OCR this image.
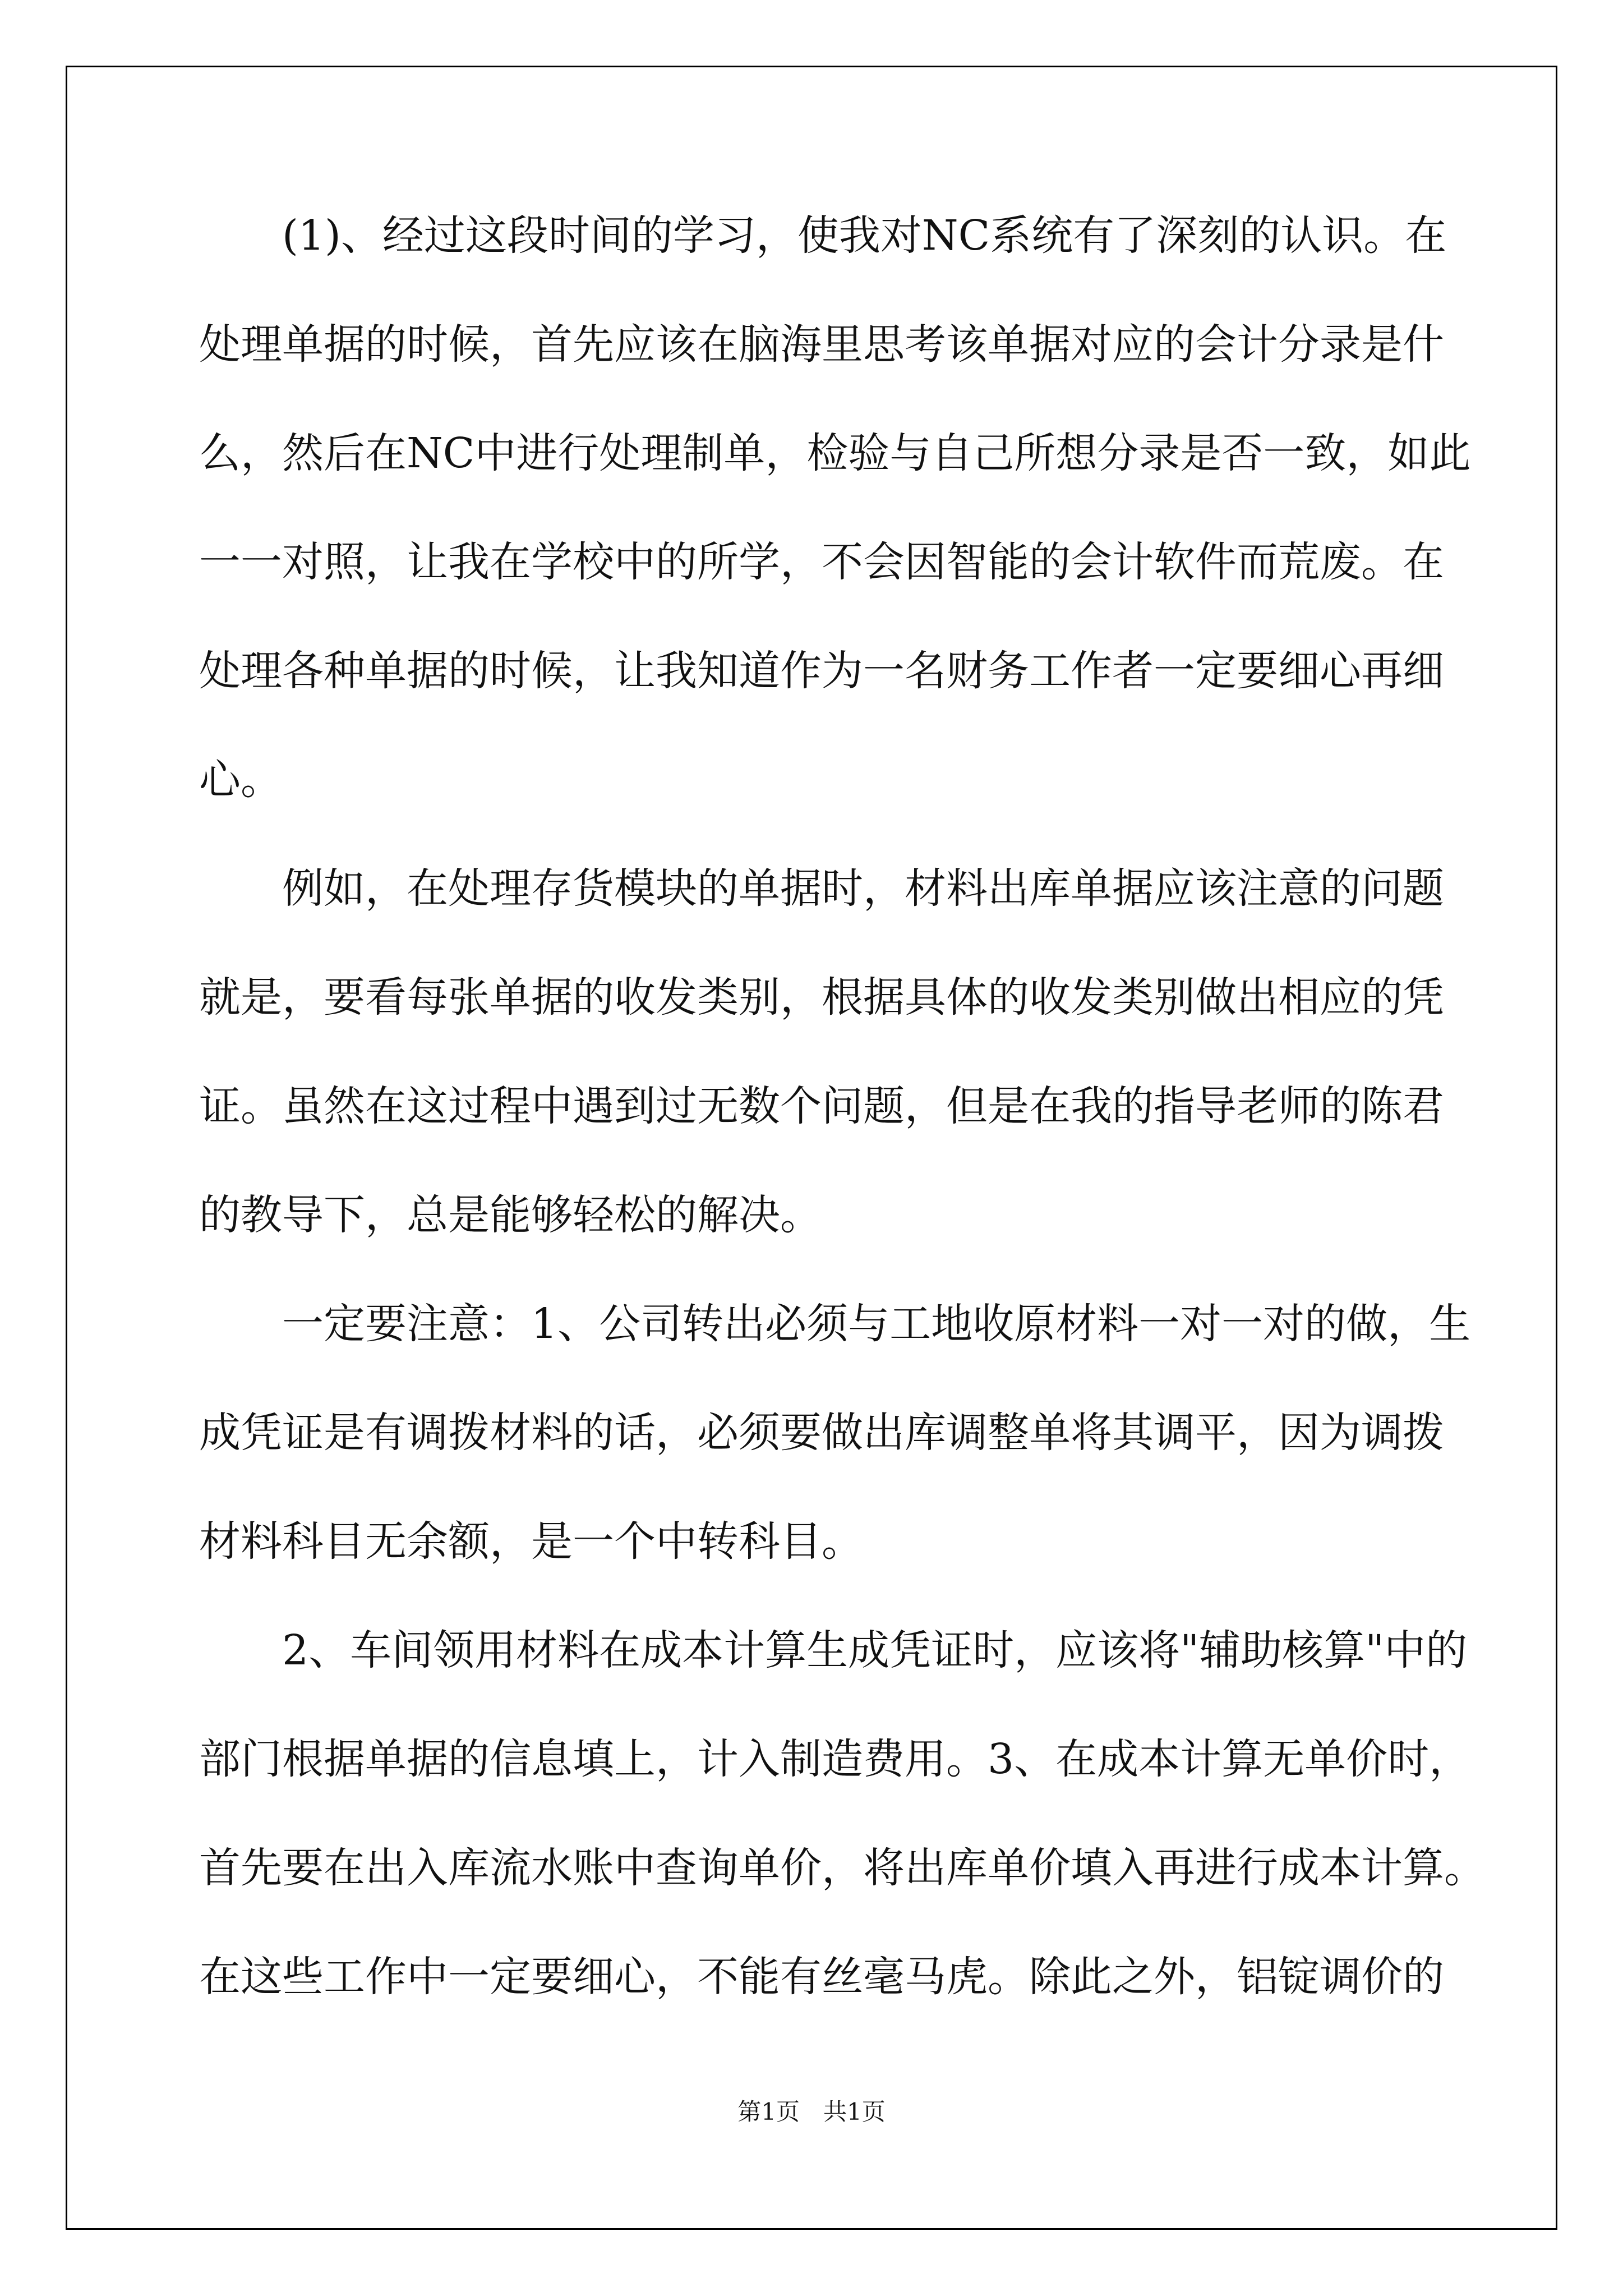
　　(1)、经过这段时间的学习，使我对NC系统有了深刻的认识。在
处理单据的时候，首先应该在脑海里思考该单据对应的会计分录是什
么，然后在NC中进行处理制单，检验与自己所想分录是否一致，如此
一一对照，让我在学校中的所学，不会因智能的会计软件而荒废。在
处理各种单据的时候，让我知道作为一名财务工作者一定要细心再细
心。
　　例如，在处理存货模块的单据时，材料出库单据应该注意的问题
就是，要看每张单据的收发类别，根据具体的收发类别做出相应的凭
证。虽然在这过程中遇到过无数个问题，但是在我的指导老师的陈君
的教导下，总是能够轻松的解决。
　　一定要注意：1、公司转出必须与工地收原材料一对一对的做，生
成凭证是有调拨材料的话，必须要做出库调整单将其调平，因为调拨
材料科目无余额，是一个中转科目。
　　2、车间领用材料在成本计算生成凭证时，应该将"辅助核算"中的
部门根据单据的信息填上，计入制造费用。3、在成本计算无单价时，
首先要在出入库流水账中查询单价，将出库单价填入再进行成本计算。
在这些工作中一定要细心，不能有丝毫马虎。除此之外，铝锭调价的
第1页　共1页
